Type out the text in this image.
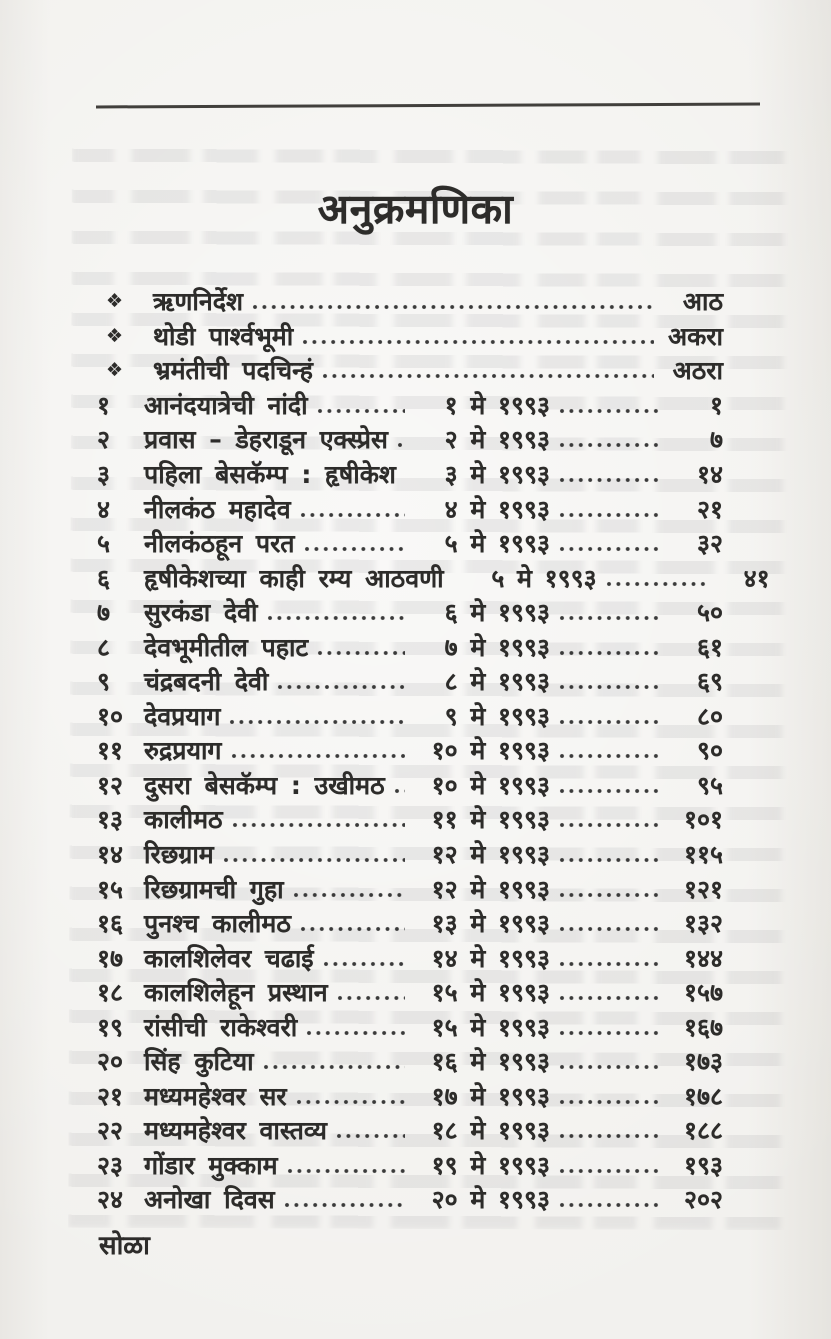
अनुक्रमणिका
❖	ऋणनिर्देश	आठ
❖	थोडी पार्श्वभूमी	अकरा
❖	भ्रमंतीची पदचिन्हं	अठरा
१	आनंदयात्रेची नांदी	१ मे १९९३	१
२	प्रवास – डेहराडून एक्स्प्रेस	२ मे १९९३	७
३	पहिला बेसकॅम्प : हृषीकेश	३ मे १९९३	१४
४	नीलकंठ महादेव	४ मे १९९३	२१
५	नीलकंठहून परत	५ मे १९९३	३२
६	हृषीकेशच्या काही रम्य आठवणी	५ मे १९९३	४१
७	सुरकंडा देवी	६ मे १९९३	५०
८	देवभूमीतील पहाट	७ मे १९९३	६१
९	चंद्रबदनी देवी	८ मे १९९३	६९
१० देवप्रयाग	९ मे १९९३	८०
११ रुद्रप्रयाग	१० मे १९९३	९०
१२ दुसरा बेसकॅम्प : उखीमठ	१० मे १९९३	९५
१३ कालीमठ	११ मे १९९३	१०१
१४ रिछग्राम	१२ मे १९९३	११५
१५ रिछग्रामची गुहा	१२ मे १९९३	१२१
१६ पुनश्च कालीमठ	१३ मे १९९३	१३२
१७ कालशिलेवर चढाई	१४ मे १९९३	१४४
१८ कालशिलेहून प्रस्थान	१५ मे १९९३	१५७
१९ रांसीची राकेश्वरी	१५ मे १९९३	१६७
२० सिंह कुटिया	१६ मे १९९३	१७३
२१ मध्यमहेश्वर सर	१७ मे १९९३	१७८
२२ मध्यमहेश्वर वास्तव्य	१८ मे १९९३	१८८
२३ गोंडार मुक्काम	१९ मे १९९३	१९३
२४ अनोखा दिवस	२० मे १९९३	२०२
सोळा
